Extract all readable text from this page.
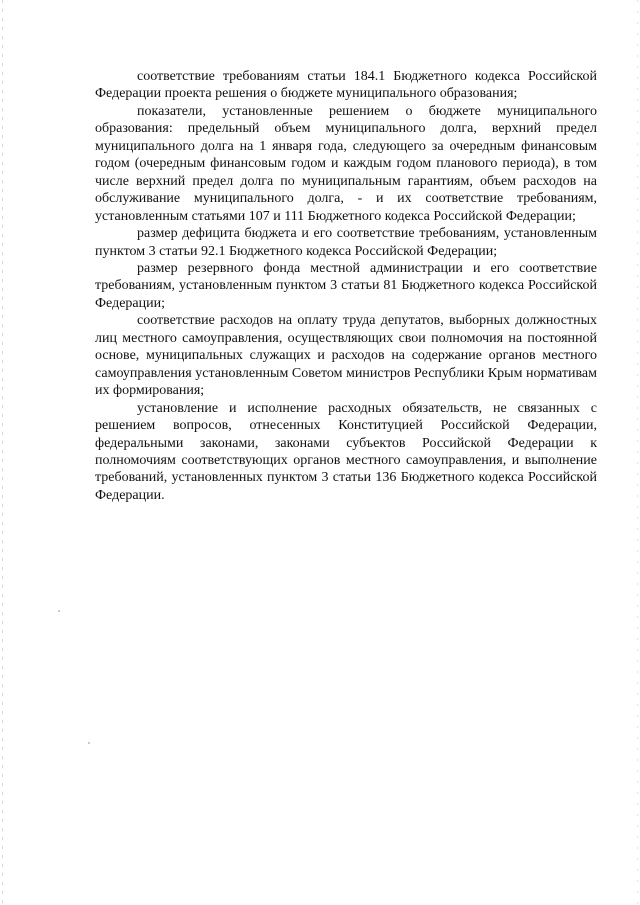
соответствие требованиям статьи 184.1 Бюджетного кодекса Российской Федерации проекта решения о бюджете муниципального образования;

показатели, установленные решением о бюджете муниципального образования: предельный объем муниципального долга, верхний предел муниципального долга на 1 января года, следующего за очередным финансовым годом (очередным финансовым годом и каждым годом планового периода), в том числе верхний предел долга по муниципальным гарантиям, объем расходов на обслуживание муниципального долга, - и их соответствие требованиям, установленным статьями 107 и 111 Бюджетного кодекса Российской Федерации;

размер дефицита бюджета и его соответствие требованиям, установленным пунктом 3 статьи 92.1 Бюджетного кодекса Российской Федерации;

размер резервного фонда местной администрации и его соответствие требованиям, установленным пунктом 3 статьи 81 Бюджетного кодекса Российской Федерации;

соответствие расходов на оплату труда депутатов, выборных должностных лиц местного самоуправления, осуществляющих свои полномочия на постоянной основе, муниципальных служащих и расходов на содержание органов местного самоуправления установленным Советом министров Республики Крым нормативам их формирования;

установление и исполнение расходных обязательств, не связанных с решением вопросов, отнесенных Конституцией Российской Федерации, федеральными законами, законами субъектов Российской Федерации к полномочиям соответствующих органов местного самоуправления, и выполнение требований, установленных пунктом 3 статьи 136 Бюджетного кодекса Российской Федерации.
